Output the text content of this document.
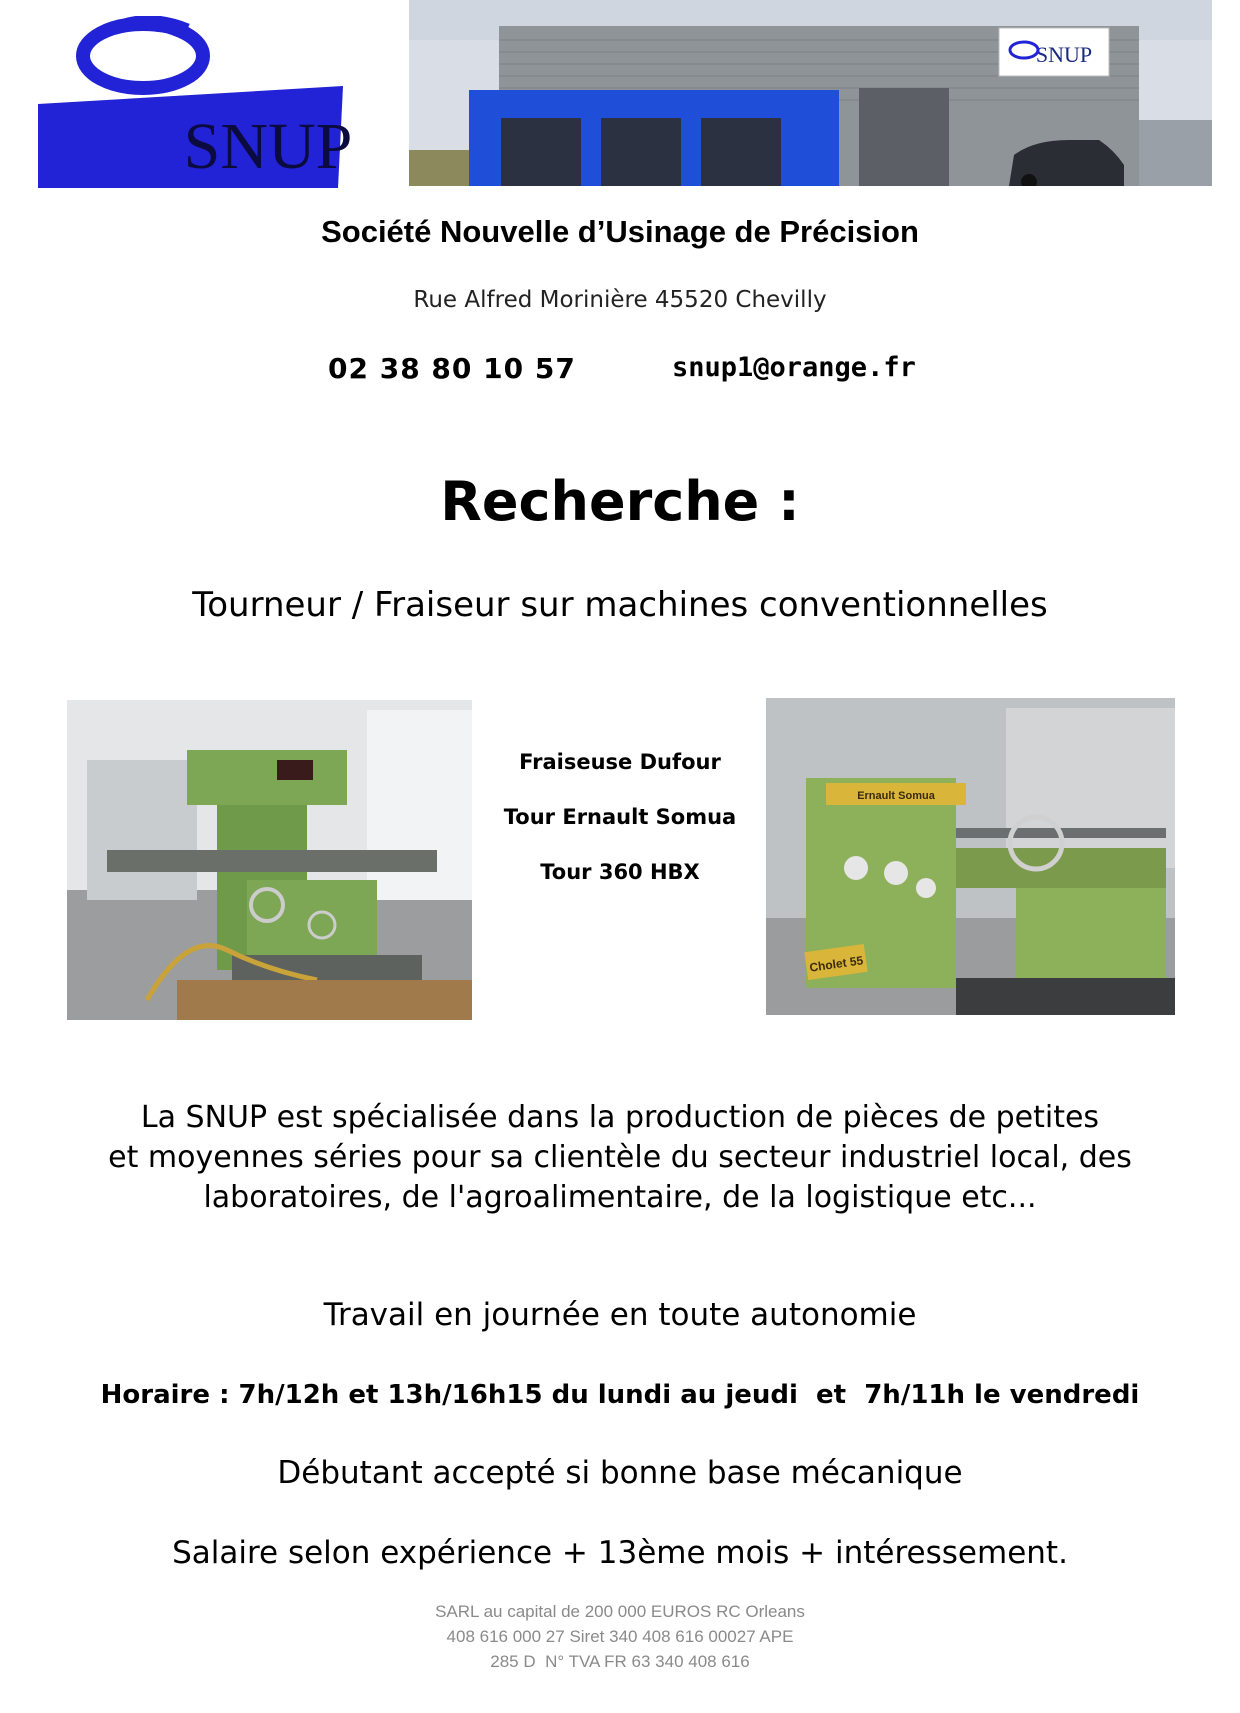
SNUP
SNUP
Société Nouvelle d’Usinage de Précision
Rue Alfred Morinière 45520 Chevilly
02 38 80 10 57	snup1@orange.fr
Recherche :
Tourneur / Fraiseur sur machines conventionnelles
Fraiseuse Dufour
Tour Ernault Somua
Tour 360 HBX
Ernault Somua
Cholet 55
La SNUP est spécialisée dans la production de pièces de petites
et moyennes séries pour sa clientèle du secteur industriel local, des
laboratoires, de l'agroalimentaire, de la logistique etc...
Travail en journée en toute autonomie
Horaire : 7h/12h et 13h/16h15 du lundi au jeudi  et  7h/11h le vendredi
Débutant accepté si bonne base mécanique
Salaire selon expérience + 13ème mois + intéressement.
SARL au capital de 200 000 EUROS RC Orleans
408 616 000 27 Siret 340 408 616 00027 APE
285 D  N° TVA FR 63 340 408 616
